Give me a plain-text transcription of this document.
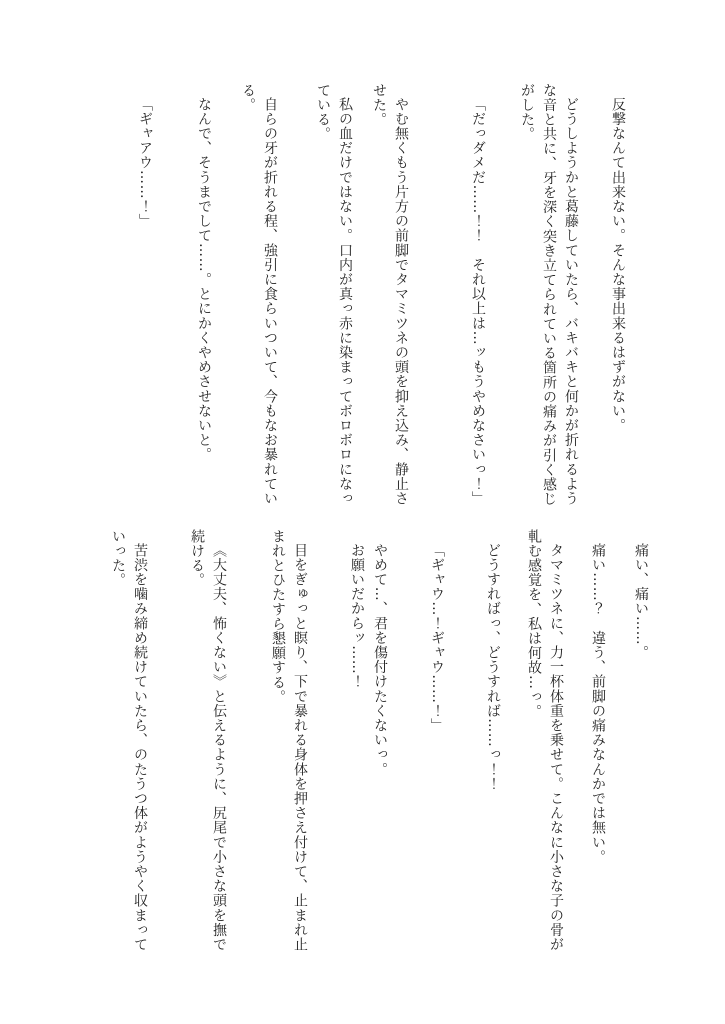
反撃なんて出来ない。そんな事出来るはずがない。

どうしようかと葛藤していたら、バキバキと何かが折れるよう
な音と共に、牙を深く突き立てられている箇所の痛みが引く感じ
がした。

「だっダメだ……！！　それ以上は…ッもうやめなさいっ！」

やむ無くもう片方の前脚でタマミツネの頭を抑え込み、静止さ
せた。

私の血だけではない。口内が真っ赤に染まってボロボロになっ
ている。

自らの牙が折れる程、強引に食らいついて、今もなお暴れてい
る。

なんで、そうまでして……。とにかくやめさせないと。

「ギャアウ……！」

痛い、痛い……。

痛い……？　違う、前脚の痛みなんかでは無い。

タマミツネに、力一杯体重を乗せて。こんなに小さな子の骨が
軋む感覚を、私は何故…っ。

どうすればっ、どうすれば……っ！！

「ギャウ…！ギャウ……！」

やめて…、君を傷付けたくないっ。

お願いだからッ……！

目をぎゅっと瞑り、下で暴れる身体を押さえ付けて、止まれ止
まれとひたすら懇願する。

《大丈夫、怖くない》と伝えるように、尻尾で小さな頭を撫で
続ける。

苦渋を噛み締め続けていたら、のたうつ体がようやく収まって
いった。
